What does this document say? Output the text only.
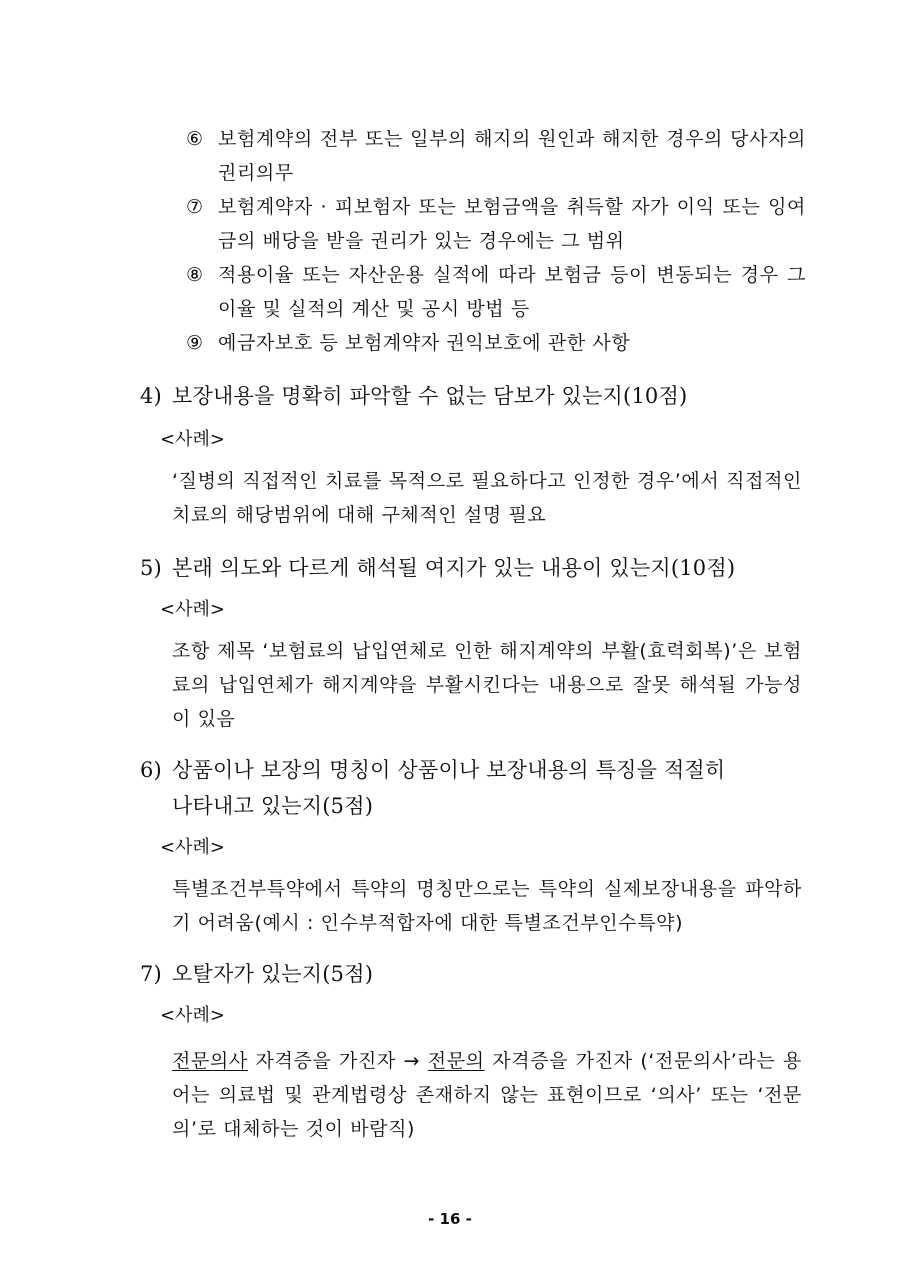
⑥ 보험계약의 전부 또는 일부의 해지의 원인과 해지한 경우의 당사자의 권리의무
⑦ 보험계약자 · 피보험자 또는 보험금액을 취득할 자가 이익 또는 잉여금의 배당을 받을 권리가 있는 경우에는 그 범위
⑧ 적용이율 또는 자산운용 실적에 따라 보험금 등이 변동되는 경우 그 이율 및 실적의 계산 및 공시 방법 등
⑨ 예금자보호 등 보험계약자 권익보호에 관한 사항
4) 보장내용을 명확히 파악할 수 없는 담보가 있는지(10점)
<사례>
‘질병의 직접적인 치료를 목적으로 필요하다고 인정한 경우’에서 직접적인 치료의 해당범위에 대해 구체적인 설명 필요
5) 본래 의도와 다르게 해석될 여지가 있는 내용이 있는지(10점)
<사례>
조항 제목 ‘보험료의 납입연체로 인한 해지계약의 부활(효력회복)’은 보험료의 납입연체가 해지계약을 부활시킨다는 내용으로 잘못 해석될 가능성이 있음
6) 상품이나 보장의 명칭이 상품이나 보장내용의 특징을 적절히
나타내고 있는지(5점)
<사례>
특별조건부특약에서 특약의 명칭만으로는 특약의 실제보장내용을 파악하기 어려움(예시 : 인수부적합자에 대한 특별조건부인수특약)
7) 오탈자가 있는지(5점)
<사례>
전문의사 자격증을 가진자 → 전문의 자격증을 가진자 (‘전문의사’라는 용어는 의료법 및 관계법령상 존재하지 않는 표현이므로 ‘의사’ 또는 ‘전문의’로 대체하는 것이 바람직)
- 16 -
